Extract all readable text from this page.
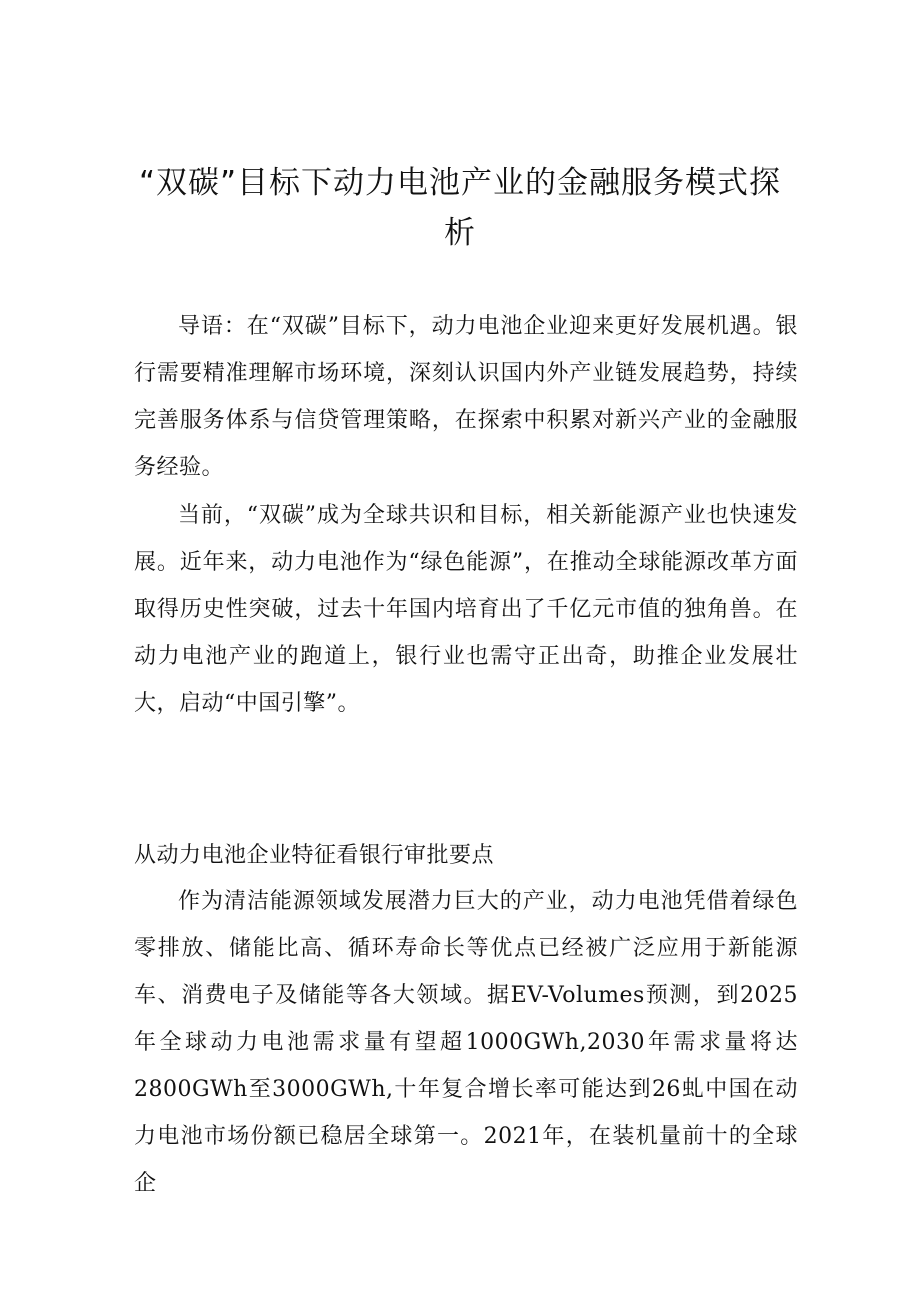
“双碳”目标下动力电池产业的金融服务模式探析

导语：在“双碳”目标下，动力电池企业迎来更好发展机遇。银行需要精准理解市场环境，深刻认识国内外产业链发展趋势，持续完善服务体系与信贷管理策略，在探索中积累对新兴产业的金融服务经验。

当前，“双碳”成为全球共识和目标，相关新能源产业也快速发展。近年来，动力电池作为“绿色能源”，在推动全球能源改革方面取得历史性突破，过去十年国内培育出了千亿元市值的独角兽。在动力电池产业的跑道上，银行业也需守正出奇，助推企业发展壮大，启动“中国引擎”。

从动力电池企业特征看银行审批要点

作为清洁能源领域发展潜力巨大的产业，动力电池凭借着绿色零排放、储能比高、循环寿命长等优点已经被广泛应用于新能源车、消费电子及储能等各大领域。据EV-Volumes预测，到2025年全球动力电池需求量有望超1000GWh,2030年需求量将达2800GWh至3000GWh,十年复合增长率可能达到26虬中国在动力电池市场份额已稳居全球第一。2021年，在装机量前十的全球企
